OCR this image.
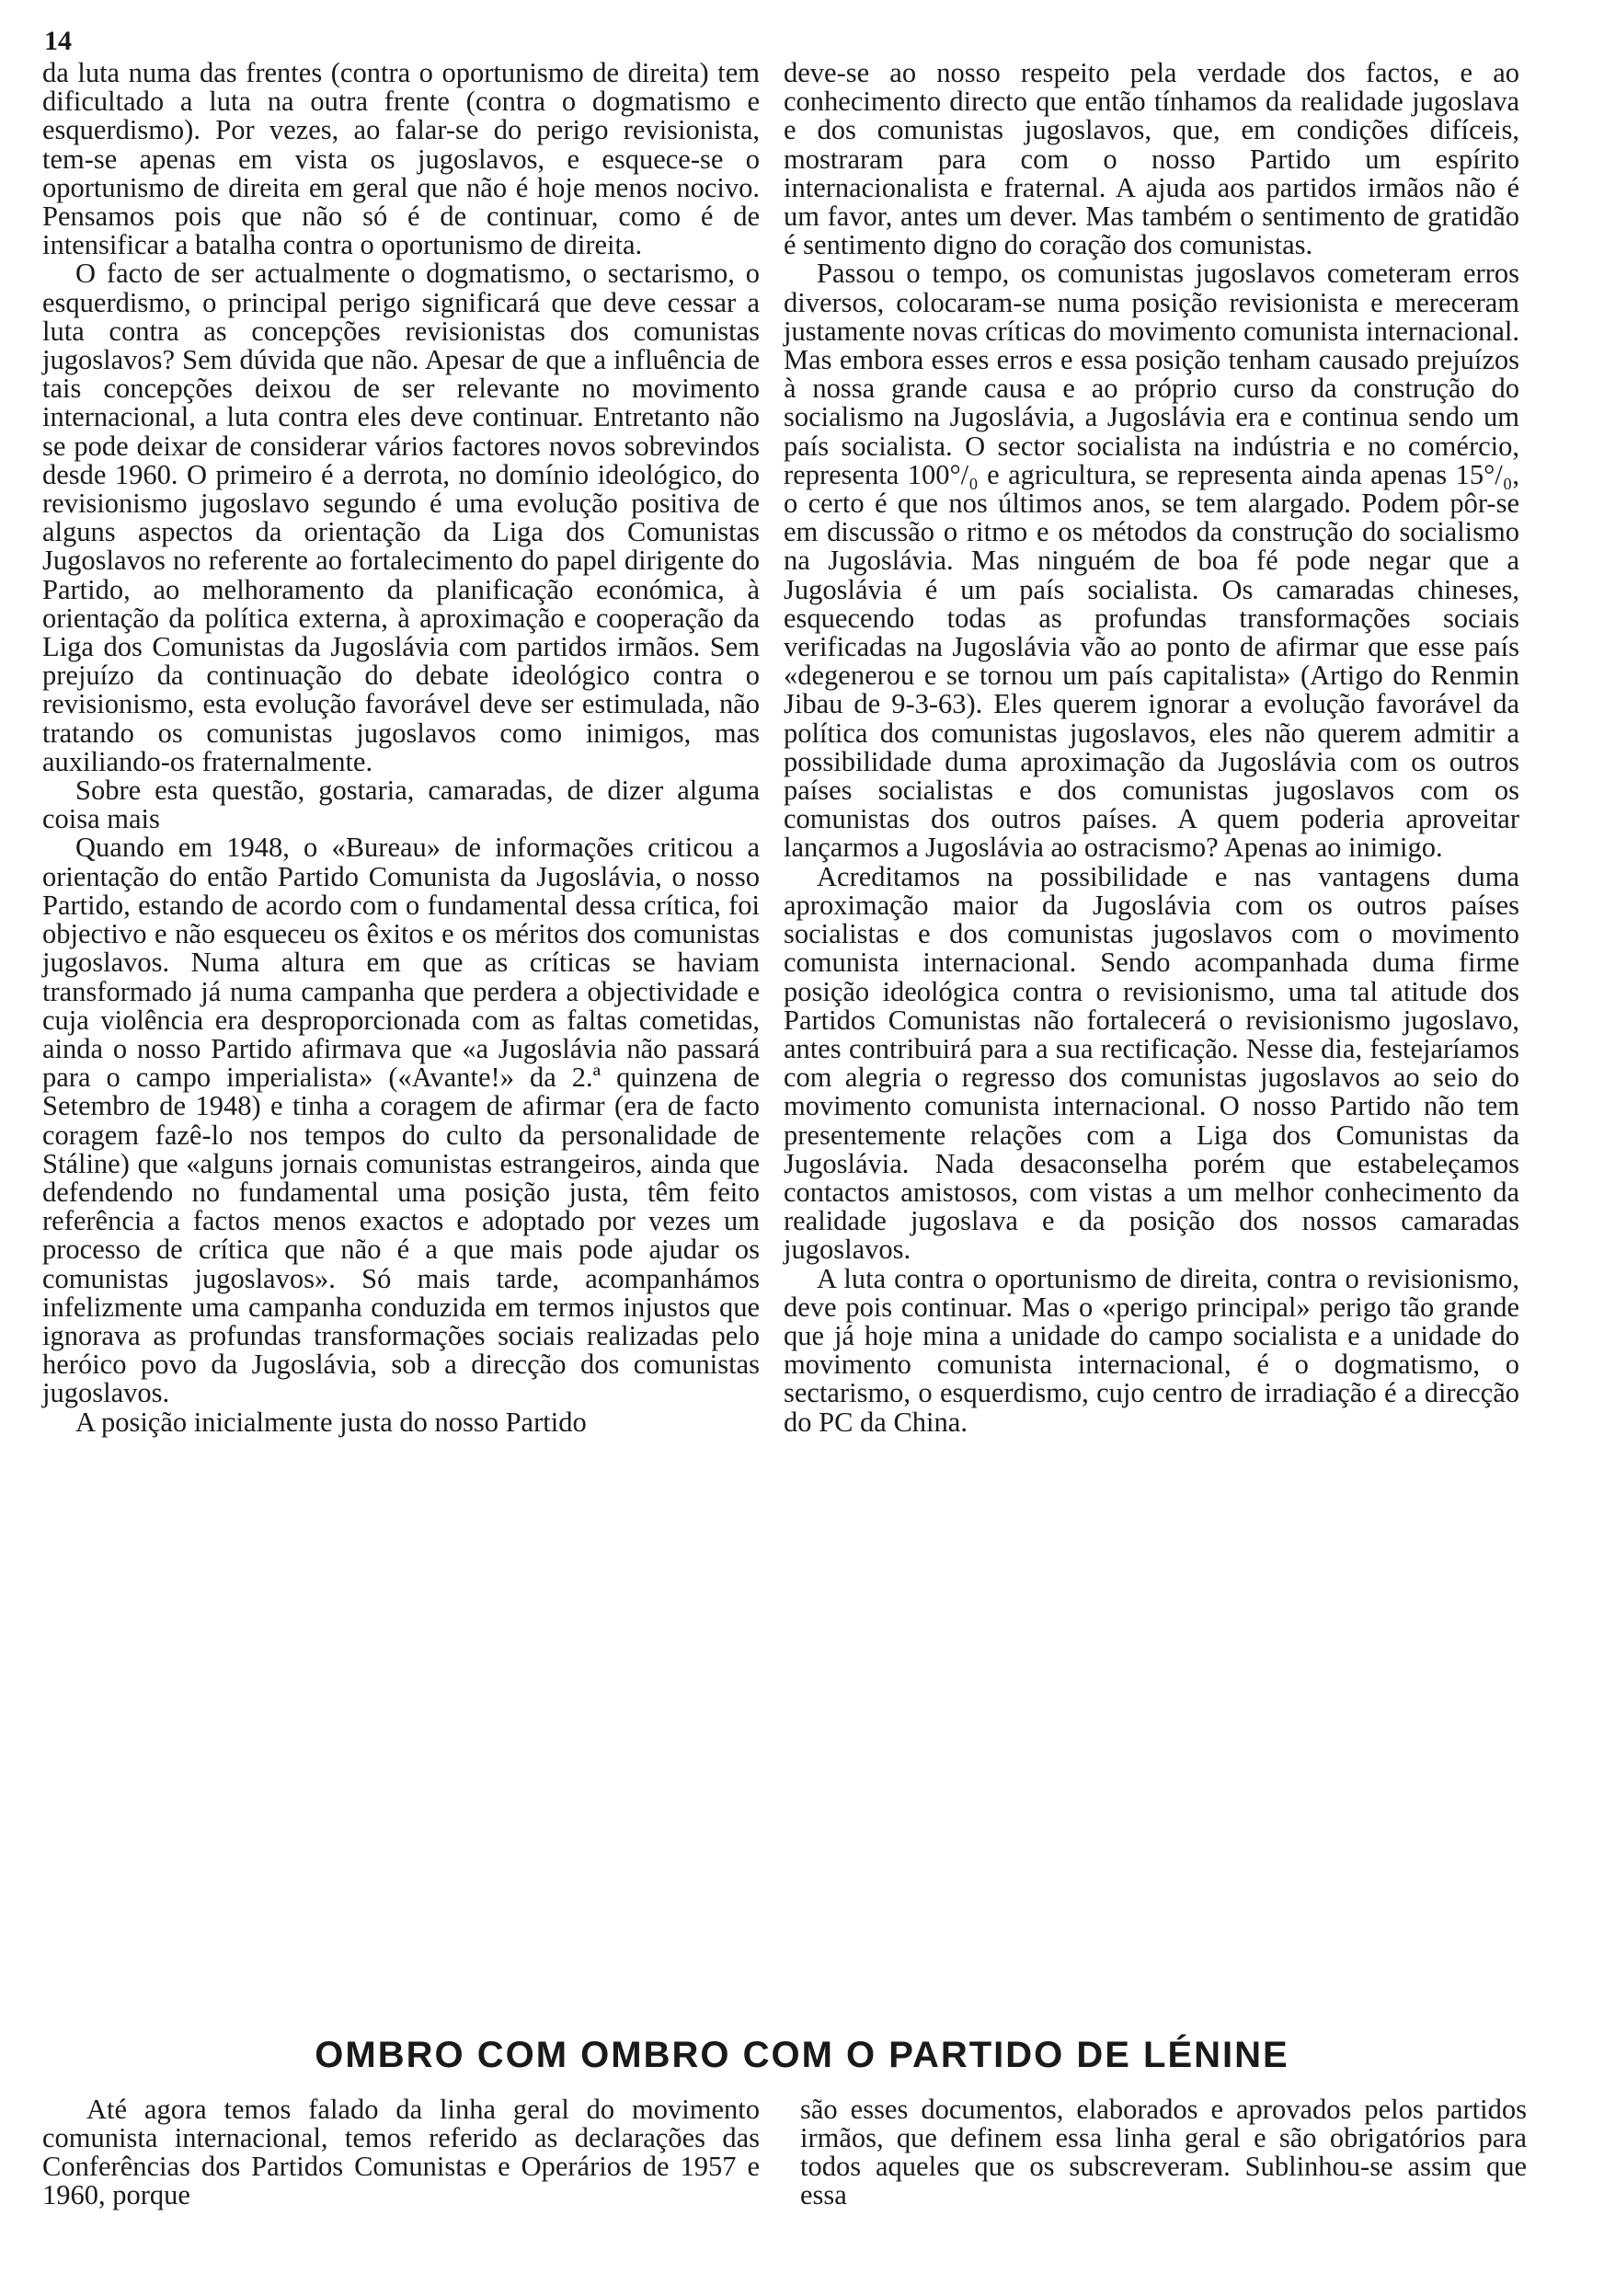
14

da luta numa das frentes (contra o oportunismo de direita) tem dificultado a luta na outra frente (contra o dogmatismo e esquerdismo). Por vezes, ao falar-se do perigo revisionista, tem-se apenas em vista os jugoslavos, e esquece-se o oportunismo de direita em geral que não é hoje menos nocivo. Pensamos pois que não só é de continuar, como é de intensificar a batalha contra o oportunismo de direita.

O facto de ser actualmente o dogmatismo, o sectarismo, o esquerdismo, o principal perigo significará que deve cessar a luta contra as concepções revisionistas dos comunistas jugoslavos? Sem dúvida que não. Apesar de que a influência de tais concepções deixou de ser relevante no movimento internacional, a luta contra eles deve continuar. Entretanto não se pode deixar de considerar vários factores novos sobrevindos desde 1960. O primeiro é a derrota, no domínio ideológico, do revisionismo jugoslavo segundo é uma evolução positiva de alguns aspectos da orientação da Liga dos Comunistas Jugoslavos no referente ao fortalecimento do papel dirigente do Partido, ao melhoramento da planificação económica, à orientação da política externa, à aproximação e cooperação da Liga dos Comunistas da Jugoslávia com partidos irmãos. Sem prejuízo da continuação do debate ideológico contra o revisionismo, esta evolução favorável deve ser estimulada, não tratando os comunistas jugoslavos como inimigos, mas auxiliando-os fraternalmente.

Sobre esta questão, gostaria, camaradas, de dizer alguma coisa mais

Quando em 1948, o «Bureau» de informações criticou a orientação do então Partido Comunista da Jugoslávia, o nosso Partido, estando de acordo com o fundamental dessa crítica, foi objectivo e não esqueceu os êxitos e os méritos dos comunistas jugoslavos. Numa altura em que as críticas se haviam transformado já numa campanha que perdera a objectividade e cuja violência era desproporcionada com as faltas cometidas, ainda o nosso Partido afirmava que «a Jugoslávia não passará para o campo imperialista» («Avante!» da 2.ª quinzena de Setembro de 1948) e tinha a coragem de afirmar (era de facto coragem fazê-lo nos tempos do culto da personalidade de Stáline) que «alguns jornais comunistas estrangeiros, ainda que defendendo no fundamental uma posição justa, têm feito referência a factos menos exactos e adoptado por vezes um processo de crítica que não é a que mais pode ajudar os comunistas jugoslavos». Só mais tarde, acompanhámos infelizmente uma campanha conduzida em termos injustos que ignorava as profundas transformações sociais realizadas pelo heróico povo da Jugoslávia, sob a direcção dos comunistas jugoslavos.

A posição inicialmente justa do nosso Partido

deve-se ao nosso respeito pela verdade dos factos, e ao conhecimento directo que então tínhamos da realidade jugoslava e dos comunistas jugoslavos, que, em condições difíceis, mostraram para com o nosso Partido um espírito internacionalista e fraternal. A ajuda aos partidos irmãos não é um favor, antes um dever. Mas também o sentimento de gratidão é sentimento digno do coração dos comunistas.

Passou o tempo, os comunistas jugoslavos cometeram erros diversos, colocaram-se numa posição revisionista e mereceram justamente novas críticas do movimento comunista internacional. Mas embora esses erros e essa posição tenham causado prejuízos à nossa grande causa e ao próprio curso da construção do socialismo na Jugoslávia, a Jugoslávia era e continua sendo um país socialista. O sector socialista na indústria e no comércio, representa 100°/₀ e agricultura, se representa ainda apenas 15°/₀, o certo é que nos últimos anos, se tem alargado. Podem pôr-se em discussão o ritmo e os métodos da construção do socialismo na Jugoslávia. Mas ninguém de boa fé pode negar que a Jugoslávia é um país socialista. Os camaradas chineses, esquecendo todas as profundas transformações sociais verificadas na Jugoslávia vão ao ponto de afirmar que esse país «degenerou e se tornou um país capitalista» (Artigo do Renmin Jibau de 9-3-63). Eles querem ignorar a evolução favorável da política dos comunistas jugoslavos, eles não querem admitir a possibilidade duma aproximação da Jugoslávia com os outros países socialistas e dos comunistas jugoslavos com os comunistas dos outros países. A quem poderia aproveitar lançarmos a Jugoslávia ao ostracismo? Apenas ao inimigo.

Acreditamos na possibilidade e nas vantagens duma aproximação maior da Jugoslávia com os outros países socialistas e dos comunistas jugoslavos com o movimento comunista internacional. Sendo acompanhada duma firme posição ideológica contra o revisionismo, uma tal atitude dos Partidos Comunistas não fortalecerá o revisionismo jugoslavo, antes contribuirá para a sua rectificação. Nesse dia, festejaríamos com alegria o regresso dos comunistas jugoslavos ao seio do movimento comunista internacional. O nosso Partido não tem presentemente relações com a Liga dos Comunistas da Jugoslávia. Nada desaconselha porém que estabeleçamos contactos amistosos, com vistas a um melhor conhecimento da realidade jugoslava e da posição dos nossos camaradas jugoslavos.

A luta contra o oportunismo de direita, contra o revisionismo, deve pois continuar. Mas o «perigo principal» perigo tão grande que já hoje mina a unidade do campo socialista e a unidade do movimento comunista internacional, é o dogmatismo, o sectarismo, o esquerdismo, cujo centro de irradiação é a direcção do PC da China.

OMBRO COM OMBRO COM O PARTIDO DE LÉNINE

Até agora temos falado da linha geral do movimento comunista internacional, temos referido as declarações das Conferências dos Partidos Comunistas e Operários de 1957 e 1960, porque

são esses documentos, elaborados e aprovados pelos partidos irmãos, que definem essa linha geral e são obrigatórios para todos aqueles que os subscreveram. Sublinhou-se assim que essa
